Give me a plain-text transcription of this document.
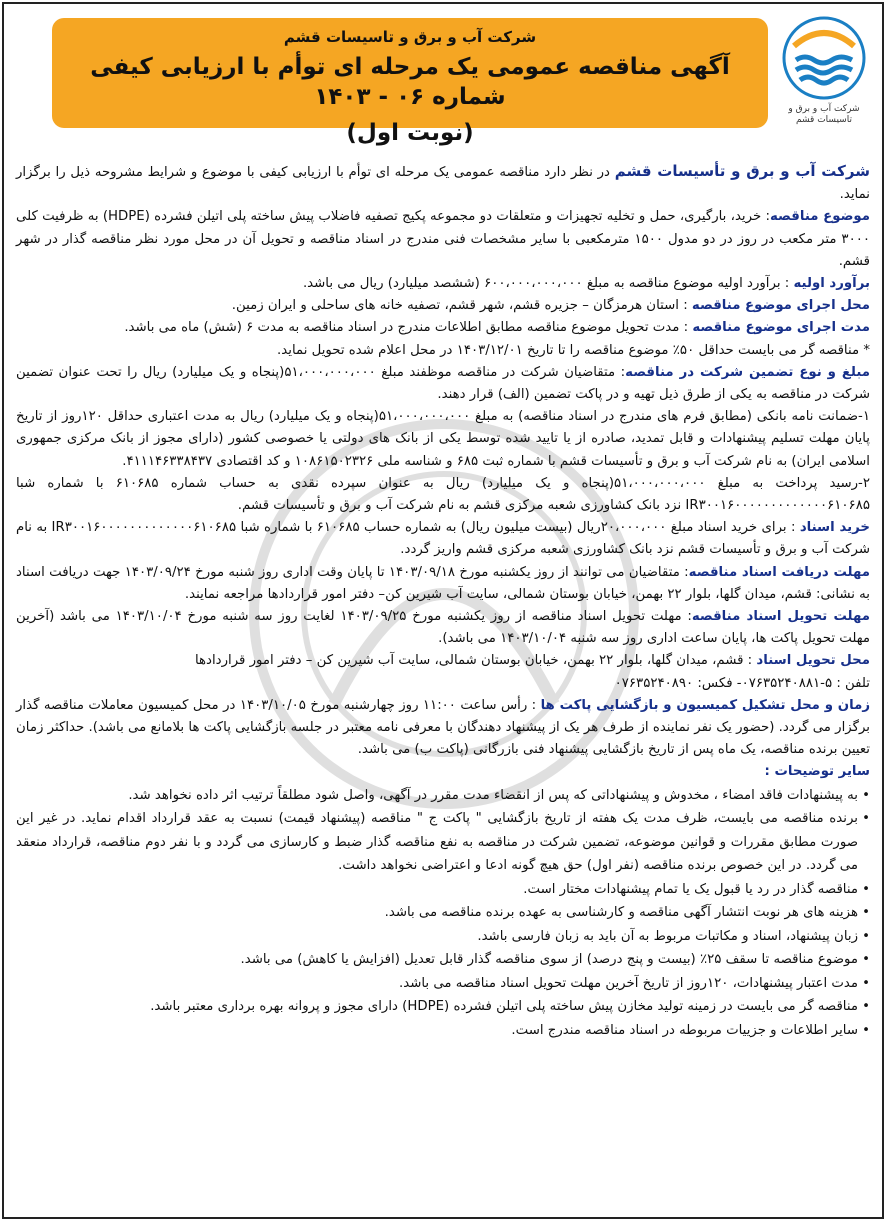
شرکت آب و برق و
تاسیسات قشم
شرکت آب و برق و تاسیسات قشم
آگهی مناقصه عمومی یک مرحله ای توأم با ارزیابی کیفی شماره ۰۶ - ۱۴۰۳
(نوبت اول)

شرکت آب و برق و تأسیسات قشم در نظر دارد مناقصه عمومی یک مرحله ای توأم با ارزیابی کیفی با موضوع و شرایط مشروحه ذیل را برگزار نماید.

موضوع مناقصه: خرید، بارگیری، حمل و تخلیه تجهیزات و متعلقات دو مجموعه پکیج تصفیه فاضلاب پیش ساخته پلی اتیلن فشرده (HDPE) به ظرفیت کلی ۳۰۰۰ متر مکعب در روز در دو مدول ۱۵۰۰ مترمکعبی با سایر مشخصات فنی مندرج در اسناد مناقصه و تحویل آن در محل مورد نظر مناقصه گذار در شهر قشم.

برآورد اولیه : برآورد اولیه موضوع مناقصه به مبلغ ۶۰۰،۰۰۰،۰۰۰،۰۰۰ (ششصد میلیارد) ریال می باشد.

محل اجرای موضوع مناقصه : استان هرمزگان – جزیره قشم، شهر قشم، تصفیه خانه های ساحلی و ایران زمین.

مدت اجرای موضوع مناقصه : مدت تحویل موضوع مناقصه مطابق اطلاعات مندرج در اسناد مناقصه به مدت ۶ (شش) ماه می باشد.

* مناقصه گر می بایست حداقل ۵۰٪ موضوع مناقصه را تا تاریخ ۱۴۰۳/۱۲/۰۱ در محل اعلام شده تحویل نماید.

مبلغ و نوع تضمین شرکت در مناقصه: متقاضیان شرکت در مناقصه موظفند مبلغ ۵۱،۰۰۰،۰۰۰،۰۰۰(پنجاه و یک میلیارد) ریال را تحت عنوان تضمین شرکت در مناقصه به یکی از طرق ذیل تهیه و در پاکت تضمین (الف) قرار دهند.

۱-ضمانت نامه بانکی (مطابق فرم های مندرج در اسناد مناقصه) به مبلغ ۵۱،۰۰۰،۰۰۰،۰۰۰(پنجاه و یک میلیارد) ریال به مدت اعتباری حداقل ۱۲۰روز از تاریخ پایان مهلت تسلیم پیشنهادات و قابل تمدید، صادره از یا تایید شده توسط یکی از بانک های دولتی یا خصوصی کشور (دارای مجوز از بانک مرکزی جمهوری اسلامی ایران) به نام شرکت آب و برق و تأسیسات قشم با شماره ثبت ۶۸۵ و شناسه ملی ۱۰۸۶۱۵۰۲۳۲۶ و کد اقتصادی ۴۱۱۱۴۶۳۳۸۴۳۷.

۲-رسید پرداخت به مبلغ ۵۱،۰۰۰،۰۰۰،۰۰۰(پنجاه و یک میلیارد) ریال به عنوان سپرده نقدی به حساب شماره ۶۱۰۶۸۵ با شماره شبا IR۳۰۰۱۶۰۰۰۰۰۰۰۰۰۰۰۰۰۶۱۰۶۸۵ نزد بانک کشاورزی شعبه مرکزی قشم به نام شرکت آب و برق و تأسیسات قشم.

خرید اسناد : برای خرید اسناد مبلغ ۲۰،۰۰۰،۰۰۰ریال (بیست میلیون ریال) به شماره حساب ۶۱۰۶۸۵ با شماره شبا IR۳۰۰۱۶۰۰۰۰۰۰۰۰۰۰۰۰۰۶۱۰۶۸۵ به نام شرکت آب و برق و تأسیسات قشم نزد بانک کشاورزی شعبه مرکزی قشم واریز گردد.

مهلت دریافت اسناد مناقصه: متقاضیان می توانند از روز یکشنبه مورخ ۱۴۰۳/۰۹/۱۸ تا پایان وقت اداری روز شنبه مورخ ۱۴۰۳/۰۹/۲۴ جهت دریافت اسناد به نشانی: قشم، میدان گلها، بلوار ۲۲ بهمن، خیابان بوستان شمالی، سایت آب شیرین کن– دفتر امور قراردادها مراجعه نمایند.

مهلت تحویل اسناد مناقصه: مهلت تحویل اسناد مناقصه از روز یکشنبه مورخ ۱۴۰۳/۰۹/۲۵ لغایت روز سه شنبه مورخ ۱۴۰۳/۱۰/۰۴ می باشد (آخرین مهلت تحویل پاکت ها، پایان ساعت اداری روز سه شنبه ۱۴۰۳/۱۰/۰۴ می باشد).

محل تحویل اسناد : قشم، میدان گلها، بلوار ۲۲ بهمن، خیابان بوستان شمالی، سایت آب شیرین کن – دفتر امور قراردادها

تلفن : ۵-۰۷۶۳۵۲۴۰۸۸۱- فکس: ۰۷۶۳۵۲۴۰۸۹۰

زمان و محل تشکیل کمیسیون و بازگشایی پاکت ها : رأس ساعت ۱۱:۰۰ روز چهارشنبه مورخ ۱۴۰۳/۱۰/۰۵ در محل کمیسیون معاملات مناقصه گذار برگزار می گردد. (حضور یک نفر نماینده از طرف هر یک از پیشنهاد دهندگان با معرفی نامه معتبر در جلسه بازگشایی پاکت ها بلامانع می باشد). حداکثر زمان تعیین برنده مناقصه، یک ماه پس از تاریخ بازگشایی پیشنهاد فنی بازرگانی (پاکت ب) می باشد.

سایر توضیحات :

• به پیشنهادات فاقد امضاء ، مخدوش و پیشنهاداتی که پس از انقضاء مدت مقرر در آگهی، واصل شود مطلقاً ترتیب اثر داده نخواهد شد.
• برنده مناقصه می بایست، ظرف مدت یک هفته از تاریخ بازگشایی " پاکت ج " مناقصه (پیشنهاد قیمت) نسبت به عقد قرارداد اقدام نماید. در غیر این صورت مطابق مقررات و قوانین موضوعه، تضمین شرکت در مناقصه به نفع مناقصه گذار ضبط و کارسازی می گردد و با نفر دوم مناقصه، قرارداد منعقد می گردد. در این خصوص برنده مناقصه (نفر اول) حق هیچ گونه ادعا و اعتراضی نخواهد داشت.
• مناقصه گذار در رد یا قبول یک یا تمام پیشنهادات مختار است.
• هزینه های هر نوبت انتشار آگهی مناقصه و کارشناسی به عهده برنده مناقصه می باشد.
• زبان پیشنهاد، اسناد و مکاتبات مربوط به آن باید به زبان فارسی باشد.
• موضوع مناقصه تا سقف ۲۵٪ (بیست و پنج درصد) از سوی مناقصه گذار قابل تعدیل (افزایش یا کاهش) می باشد.
• مدت اعتبار پیشنهادات، ۱۲۰روز از تاریخ آخرین مهلت تحویل اسناد مناقصه می باشد.
• مناقصه گر می بایست در زمینه تولید مخازن پیش ساخته پلی اتیلن فشرده (HDPE) دارای مجوز و پروانه بهره برداری معتبر باشد.
• سایر اطلاعات و جزییات مربوطه در اسناد مناقصه مندرج است.
